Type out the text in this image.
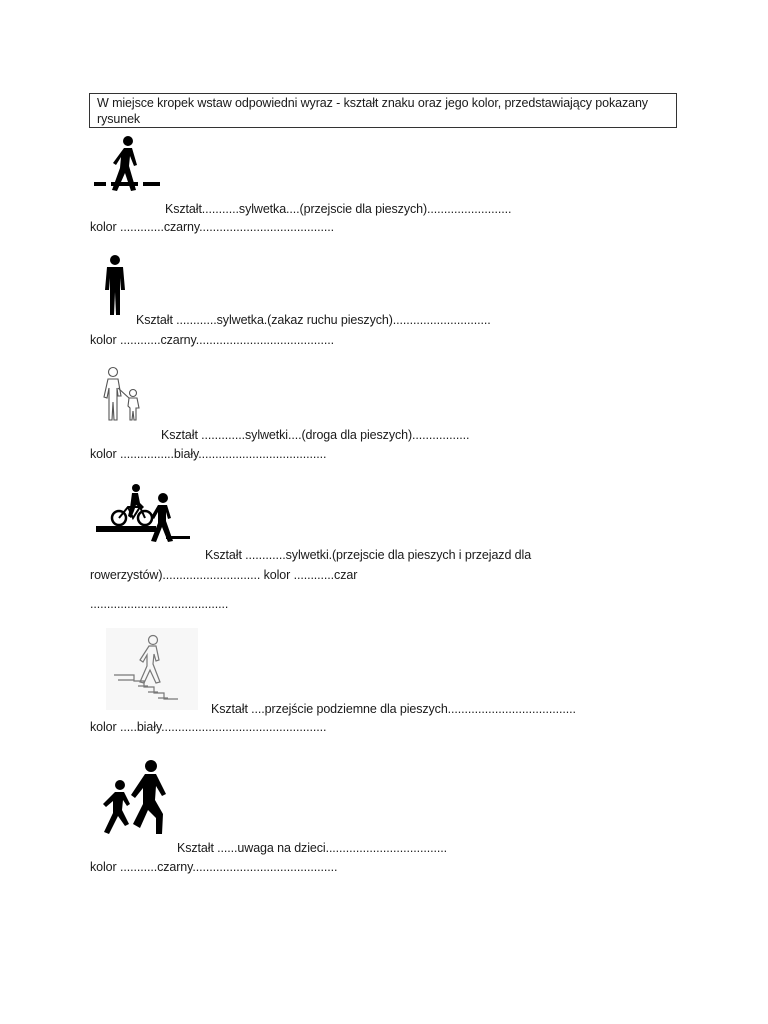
W miejsce kropek wstaw odpowiedni wyraz - kształt znaku oraz jego kolor, przedstawiający pokazany
rysunek
Kształt...........sylwetka....(przejscie dla pieszych).........................
kolor .............czarny........................................
Kształt ............sylwetka.(zakaz ruchu pieszych).............................
kolor ............czarny.........................................
Kształt .............sylwetki....(droga dla pieszych).................
kolor ................biały......................................
Kształt ............sylwetki.(przejscie dla pieszych i przejazd dla
rowerzystów)............................. kolor ............czar
.........................................
Kształt ....przejście podziemne dla pieszych......................................
kolor .....biały.................................................
Kształt ......uwaga na dzieci....................................
kolor ...........czarny...........................................
